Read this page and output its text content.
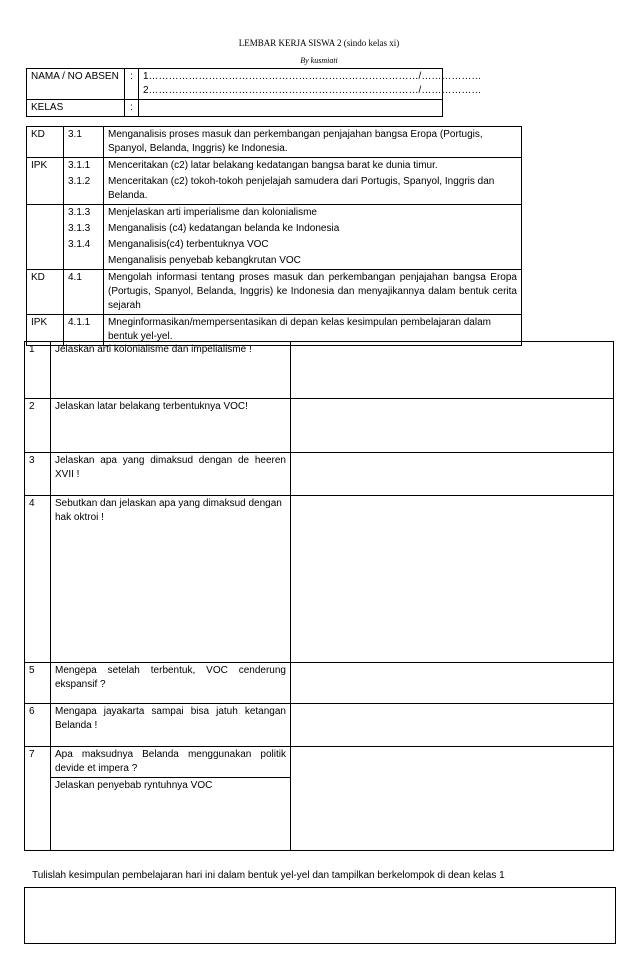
LEMBAR KERJA SISWA 2 (sindo kelas xi)
By kusmiati
NAMA / NO ABSEN	:	1………………………………………………………………………/………………
2………………………………………………………………………/………………

KELAS	:	
KD	3.1	Menganalisis proses masuk dan perkembangan penjajahan bangsa Eropa (Portugis, Spanyol, Belanda, Inggris) ke Indonesia.
IPK	3.1.1	Menceritakan (c2) latar belakang kedatangan bangsa barat ke dunia timur.
	3.1.2	Menceritakan (c2) tokoh-tokoh penjelajah samudera dari Portugis, Spanyol, Inggris dan Belanda.
	3.1.3	Menjelaskan arti imperialisme dan kolonialisme
	3.1.3	Menganalisis (c4) kedatangan belanda ke Indonesia
	3.1.4	Menganalisis(c4) terbentuknya VOC
		Menganalisis penyebab kebangkrutan VOC
KD	4.1	Mengolah informasi tentang proses masuk dan perkembangan penjajahan bangsa Eropa (Portugis, Spanyol, Belanda, Inggris) ke Indonesia dan menyajikannya dalam bentuk cerita sejarah
IPK	4.1.1	Mneginformasikan/mempersentasikan di depan kelas kesimpulan pembelajaran dalam bentuk yel-yel.
1	Jelaskan arti kolonialisme dan impelialisme !	
2	Jelaskan latar belakang terbentuknya VOC!	
3	Jelaskan apa yang dimaksud dengan de heeren XVII !	
4	Sebutkan dan jelaskan apa yang dimaksud dengan hak oktroi !	
5	Mengepa setelah terbentuk, VOC cenderung ekspansif ?	
6	Mengapa jayakarta sampai bisa jatuh ketangan Belanda !	
7	Apa maksudnya Belanda menggunakan politik devide et impera ?
Jelaskan penyebab ryntuhnya VOC	

Tulislah kesimpulan pembelajaran hari ini dalam bentuk yel-yel dan tampilkan berkelompok di dean kelas 1
